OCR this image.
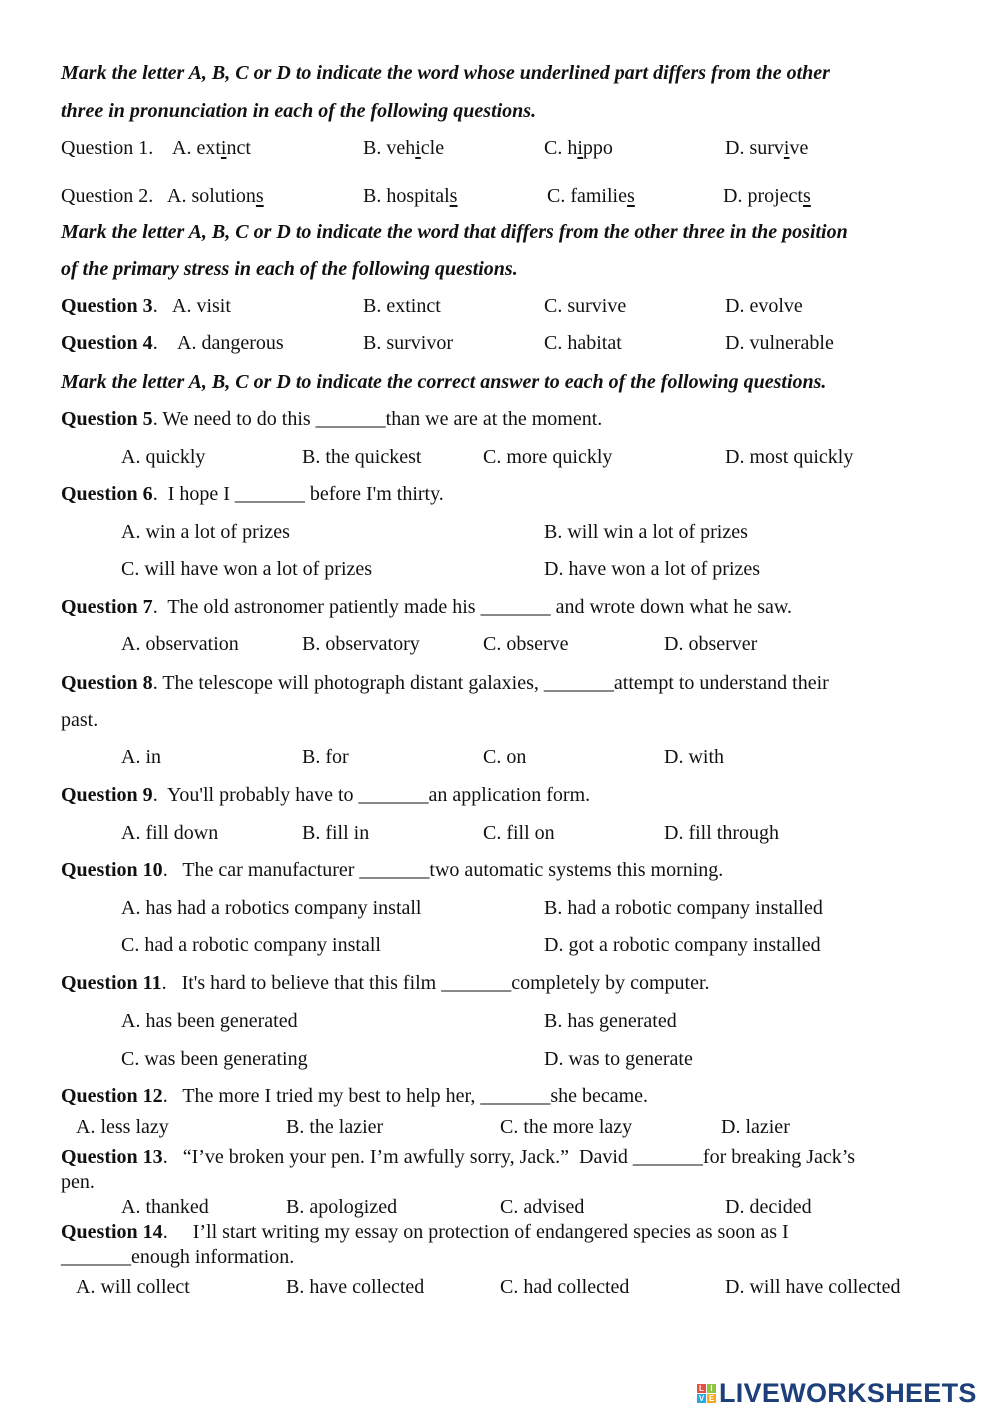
L I
V E LIVEWORKSHEETS
Mark the letter A, B, C or D to indicate the word whose underlined part differs from the other
three in pronunciation in each of the following questions.
Mark the letter A, B, C or D to indicate the word that differs from the other three in the position
of the primary stress in each of the following questions.
Mark the letter A, B, C or D to indicate the correct answer to each of the following questions.
Question 1. A. extinct	B. vehicle	C. hippo	D. survive
Question 2. A. solutions	B. hospitals	C. families	D. projects
Question 3. A. visit	B. extinct	C. survive	D. evolve
Question 4. A. dangerous	B. survivor	C. habitat	D. vulnerable
Question 5. We need to do this _______than we are at the moment.
A. quickly	B. the quickest	C. more quickly	D. most quickly
Question 6.  I hope I _______ before I'm thirty.
A. win a lot of prizes	B. will win a lot of prizes
C. will have won a lot of prizes	D. have won a lot of prizes
Question 7.  The old astronomer patiently made his _______ and wrote down what he saw.
A. observation	B. observatory	C. observe	D. observer
Question 8. The telescope will photograph distant galaxies, _______attempt to understand their
past.
A. in	B. for	C. on	D. with
Question 9.  You'll probably have to _______an application form.
A. fill down	B. fill in	C. fill on	D. fill through
Question 10.   The car manufacturer _______two automatic systems this morning.
A. has had a robotics company install	B. had a robotic company installed
C. had a robotic company install	D. got a robotic company installed
Question 11.   It's hard to believe that this film _______completely by computer.
A. has been generated	B. has generated
C. was been generating	D. was to generate
Question 12.   The more I tried my best to help her, _______she became.
A. less lazy	B. the lazier	C. the more lazy	D. lazier
Question 13.   “I’ve broken your pen. I’m awfully sorry, Jack.”  David _______for breaking Jack’s
pen.
A. thanked	B. apologized	C. advised	D. decided
Question 14.     I’ll start writing my essay on protection of endangered species as soon as I
_______enough information.
A. will collect	B. have collected	C. had collected	D. will have collected
